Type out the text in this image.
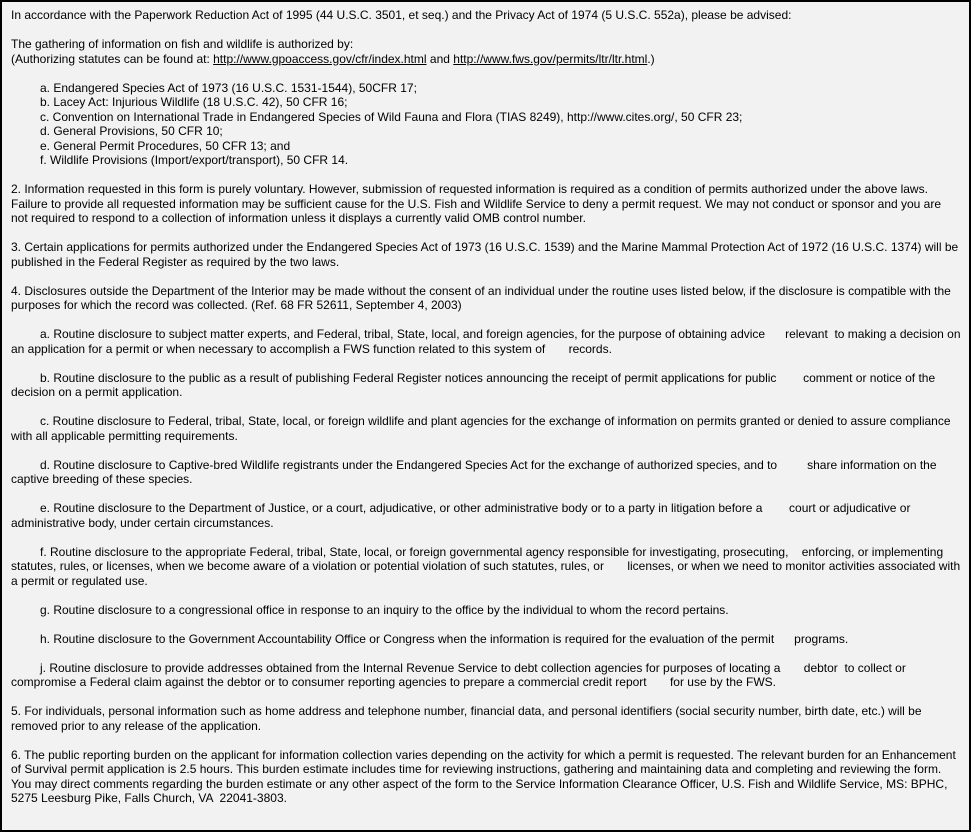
In accordance with the Paperwork Reduction Act of 1995 (44 U.S.C. 3501, et seq.) and the Privacy Act of 1974 (5 U.S.C. 552a), please be advised:

The gathering of information on fish and wildlife is authorized by:

(Authorizing statutes can be found at: http://www.gpoaccess.gov/cfr/index.html and http://www.fws.gov/permits/ltr/ltr.html.)

a. Endangered Species Act of 1973 (16 U.S.C. 1531-1544), 50CFR 17;

b. Lacey Act: Injurious Wildlife (18 U.S.C. 42), 50 CFR 16;

c. Convention on International Trade in Endangered Species of Wild Fauna and Flora (TIAS 8249), http://www.cites.org/, 50 CFR 23;

d. General Provisions, 50 CFR 10;

e. General Permit Procedures, 50 CFR 13; and

f. Wildlife Provisions (Import/export/transport), 50 CFR 14.

2. Information requested in this form is purely voluntary. However, submission of requested information is required as a condition of permits authorized under the above laws. Failure to provide all requested information may be sufficient cause for the U.S. Fish and Wildlife Service to deny a permit request. We may not conduct or sponsor and you are not required to respond to a collection of information unless it displays a currently valid OMB control number.

3. Certain applications for permits authorized under the Endangered Species Act of 1973 (16 U.S.C. 1539) and the Marine Mammal Protection Act of 1972 (16 U.S.C. 1374) will be published in the Federal Register as required by the two laws.

4. Disclosures outside the Department of the Interior may be made without the consent of an individual under the routine uses listed below, if the disclosure is compatible with the purposes for which the record was collected. (Ref. 68 FR 52611, September 4, 2003)

a. Routine disclosure to subject matter experts, and Federal, tribal, State, local, and foreign agencies, for the purpose of obtaining advice      relevant  to making a decision on an application for a permit or when necessary to accomplish a FWS function related to this system of       records.

b. Routine disclosure to the public as a result of publishing Federal Register notices announcing the receipt of permit applications for public        comment or notice of the decision on a permit application.

c. Routine disclosure to Federal, tribal, State, local, or foreign wildlife and plant agencies for the exchange of information on permits granted or denied to assure compliance with all applicable permitting requirements.

d. Routine disclosure to Captive-bred Wildlife registrants under the Endangered Species Act for the exchange of authorized species, and to         share information on the captive breeding of these species.

e. Routine disclosure to the Department of Justice, or a court, adjudicative, or other administrative body or to a party in litigation before a        court or adjudicative or administrative body, under certain circumstances.

f. Routine disclosure to the appropriate Federal, tribal, State, local, or foreign governmental agency responsible for investigating, prosecuting,    enforcing, or implementing statutes, rules, or licenses, when we become aware of a violation or potential violation of such statutes, rules, or       licenses, or when we need to monitor activities associated with a permit or regulated use.

g. Routine disclosure to a congressional office in response to an inquiry to the office by the individual to whom the record pertains.

h. Routine disclosure to the Government Accountability Office or Congress when the information is required for the evaluation of the permit      programs.

j. Routine disclosure to provide addresses obtained from the Internal Revenue Service to debt collection agencies for purposes of locating a       debtor  to collect or compromise a Federal claim against the debtor or to consumer reporting agencies to prepare a commercial credit report       for use by the FWS.

5. For individuals, personal information such as home address and telephone number, financial data, and personal identifiers (social security number, birth date, etc.) will be removed prior to any release of the application.

6. The public reporting burden on the applicant for information collection varies depending on the activity for which a permit is requested. The relevant burden for an Enhancement of Survival permit application is 2.5 hours. This burden estimate includes time for reviewing instructions, gathering and maintaining data and completing and reviewing the form. You may direct comments regarding the burden estimate or any other aspect of the form to the Service Information Clearance Officer, U.S. Fish and Wildlife Service, MS: BPHC, 5275 Leesburg Pike, Falls Church, VA  22041-3803.
